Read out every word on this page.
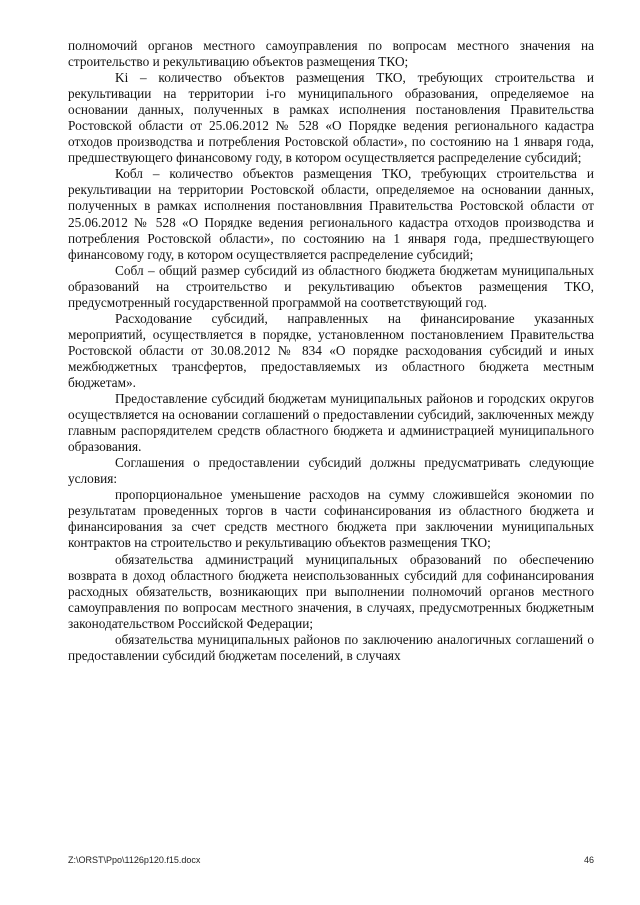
полномочий органов местного самоуправления по вопросам местного значения на строительство и рекультивацию объектов размещения ТКО;

Ki – количество объектов размещения ТКО, требующих строительства и рекультивации на территории i-го муниципального образования, определяемое на основании данных, полученных в рамках исполнения постановления Правительства Ростовской области от 25.06.2012 № 528 «О Порядке ведения регионального кадастра отходов производства и потребления Ростовской области», по состоянию на 1 января года, предшествующего финансовому году, в котором осуществляется распределение субсидий;

Кобл – количество объектов размещения ТКО, требующих строительства и рекультивации на территории Ростовской области, определяемое на основании данных, полученных в рамках исполнения постановлвния Правительства Ростовской области от 25.06.2012 № 528 «О Порядке ведения регионального кадастра отходов производства и потребления Ростовской области», по состоянию на 1 января года, предшествующего финансовому году, в котором осуществляется распределение субсидий;

Собл – общий размер субсидий из областного бюджета бюджетам муниципальных образований на строительство и рекультивацию объектов размещения ТКО, предусмотренный государственной программой на соответствующий год.

Расходование субсидий, направленных на финансирование указанных мероприятий, осуществляется в порядке, установленном постановлением Правительства Ростовской области от 30.08.2012 № 834 «О порядке расходования субсидий и иных межбюджетных трансфертов, предоставляемых из областного бюджета местным бюджетам».

Предоставление субсидий бюджетам муниципальных районов и городских округов осуществляется на основании соглашений о предоставлении субсидий, заключенных между главным распорядителем средств областного бюджета и администрацией муниципального образования.

Соглашения о предоставлении субсидий должны предусматривать следующие условия:

пропорциональное уменьшение расходов на сумму сложившейся экономии по результатам проведенных торгов в части софинансирования из областного бюджета и финансирования за счет средств местного бюджета при заключении муниципальных контрактов на строительство и рекультивацию объектов размещения ТКО;

обязательства администраций муниципальных образований по обеспечению возврата в доход областного бюджета неиспользованных субсидий для софинансирования расходных обязательств, возникающих при выполнении полномочий органов местного самоуправления по вопросам местного значения, в случаях, предусмотренных бюджетным законодательством Российской Федерации;

обязательства муниципальных районов по заключению аналогичных соглашений о предоставлении субсидий бюджетам поселений, в случаях

Z:\ORST\Ppo\1126p120.f15.docx	46
